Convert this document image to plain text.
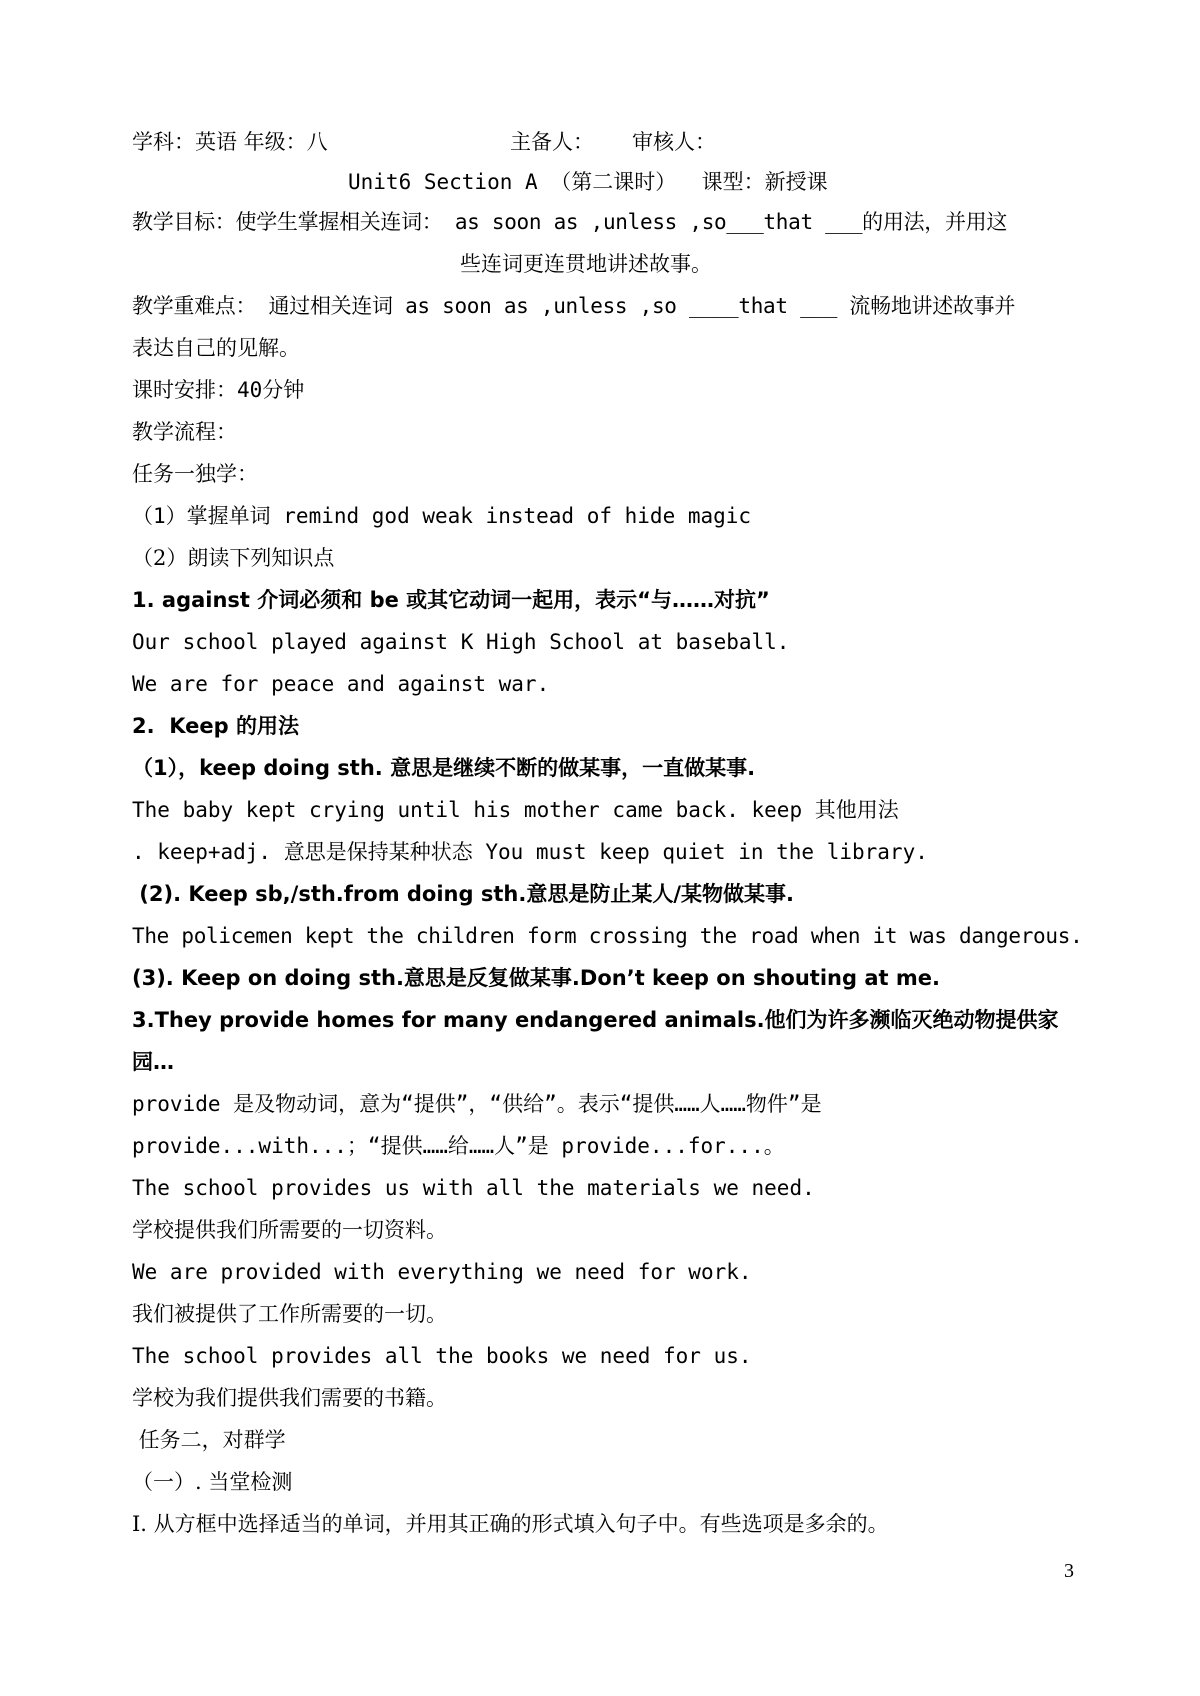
学科：英语 年级：八	主备人： 审核人：
Unit6 Section A （第二课时）  课型：新授课
教学目标：使学生掌握相关连词： as soon as ,unless ,so___that ___的用法，并用这
些连词更连贯地讲述故事。
教学重难点： 通过相关连词 as soon as ,unless ,so ____that ___ 流畅地讲述故事并
表达自己的见解。
课时安排：40分钟
教学流程：
任务一独学：
（1）掌握单词 remind god weak instead of hide magic
（2）朗读下列知识点
1. against 介词必须和 be 或其它动词一起用，表示“与……对抗”
Our school played against K High School at baseball.
We are for peace and against war.
2.  Keep 的用法
（1），keep doing sth. 意思是继续不断的做某事，一直做某事.
The baby kept crying until his mother came back. keep 其他用法
. keep+adj. 意思是保持某种状态 You must keep quiet in the library.
(2). Keep sb,/sth.from doing sth.意思是防止某人/某物做某事.
The policemen kept the children form crossing the road when it was dangerous.
(3). Keep on doing sth.意思是反复做某事.Don’t keep on shouting at me.
3.They provide homes for many endangered animals.他们为许多濒临灭绝动物提供家
园…
provide 是及物动词，意为“提供”，“供给”。表示“提供……人……物件”是
provide...with...；“提供……给……人”是 provide...for...。
The school provides us with all the materials we need.
学校提供我们所需要的一切资料。
We are provided with everything we need for work.
我们被提供了工作所需要的一切。
The school provides all the books we need for us.
学校为我们提供我们需要的书籍。
任务二，对群学
（一）. 当堂检测
Ⅰ. 从方框中选择适当的单词，并用其正确的形式填入句子中。有些选项是多余的。
3
